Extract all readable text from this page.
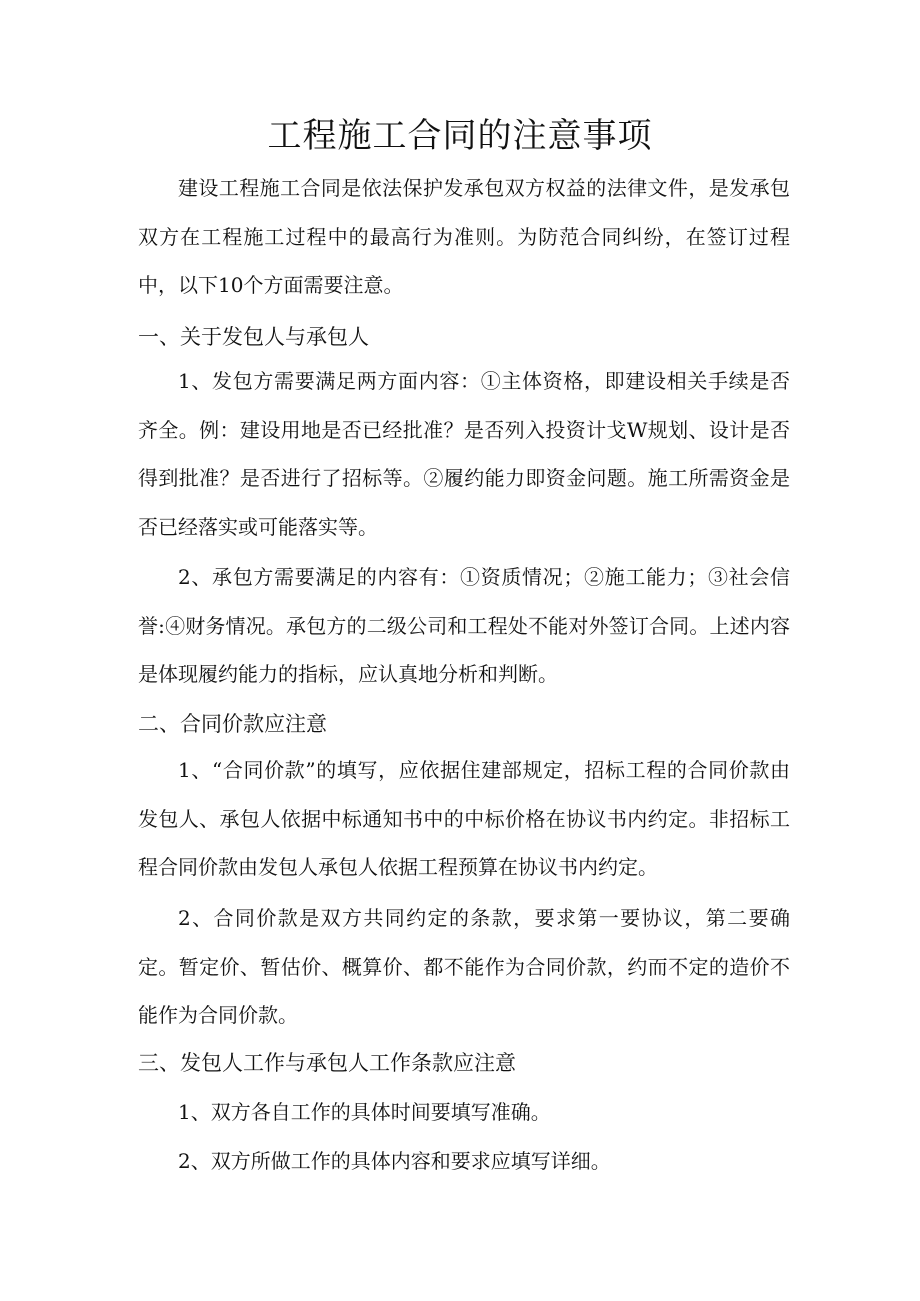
工程施工合同的注意事项

建设工程施工合同是依法保护发承包双方权益的法律文件，是发承包双方在工程施工过程中的最高行为准则。为防范合同纠纷，在签订过程中，以下10个方面需要注意。

一、关于发包人与承包人

1、发包方需要满足两方面内容：①主体资格，即建设相关手续是否齐全。例：建设用地是否已经批准？是否列入投资计戈W规划、设计是否得到批准？是否进行了招标等。②履约能力即资金问题。施工所需资金是否已经落实或可能落实等。

2、承包方需要满足的内容有：①资质情况；②施工能力；③社会信誉:④财务情况。承包方的二级公司和工程处不能对外签订合同。上述内容是体现履约能力的指标，应认真地分析和判断。

二、合同价款应注意

1、“合同价款”的填写，应依据住建部规定，招标工程的合同价款由发包人、承包人依据中标通知书中的中标价格在协议书内约定。非招标工程合同价款由发包人承包人依据工程预算在协议书内约定。

2、合同价款是双方共同约定的条款，要求第一要协议，第二要确定。暂定价、暂估价、概算价、都不能作为合同价款，约而不定的造价不能作为合同价款。

三、发包人工作与承包人工作条款应注意

1、双方各自工作的具体时间要填写准确。

2、双方所做工作的具体内容和要求应填写详细。
